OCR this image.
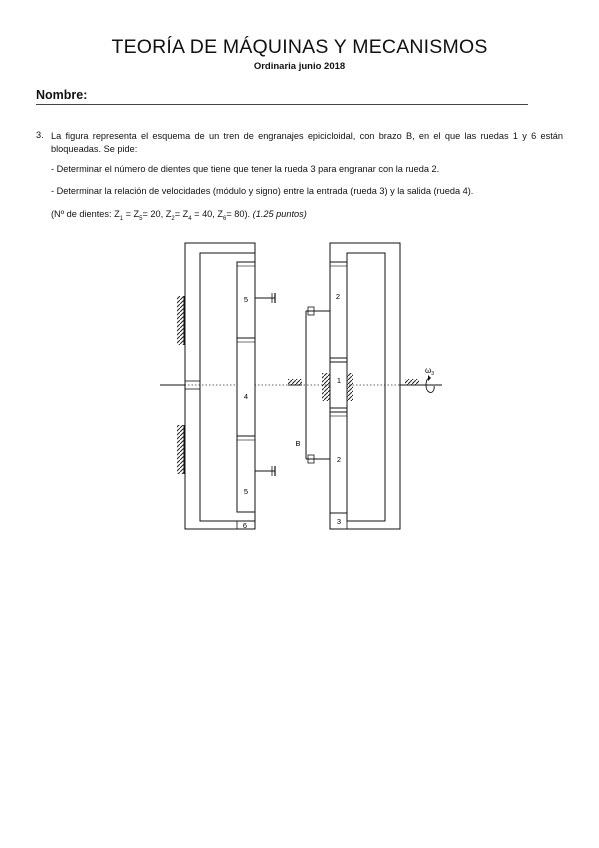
TEORÍA DE MÁQUINAS Y MECANISMOS
Ordinaria junio 2018
Nombre:
3. La figura representa el esquema de un tren de engranajes epicicloidal, con brazo B, en el que las ruedas 1 y 6 están bloqueadas. Se pide:
- Determinar el número de dientes que tiene que tener la rueda 3 para engranar con la rueda 2.
- Determinar la relación de velocidades (módulo y signo) entre la entrada (rueda 3) y la salida (rueda 4).
(Nº de dientes: $Z_1 = Z_5= 20$, $Z_2= Z_4 = 40$, $Z_6= 80$). (1.25 puntos)
5
4
5
6
2
1
2
3
B
$\omega_3$
